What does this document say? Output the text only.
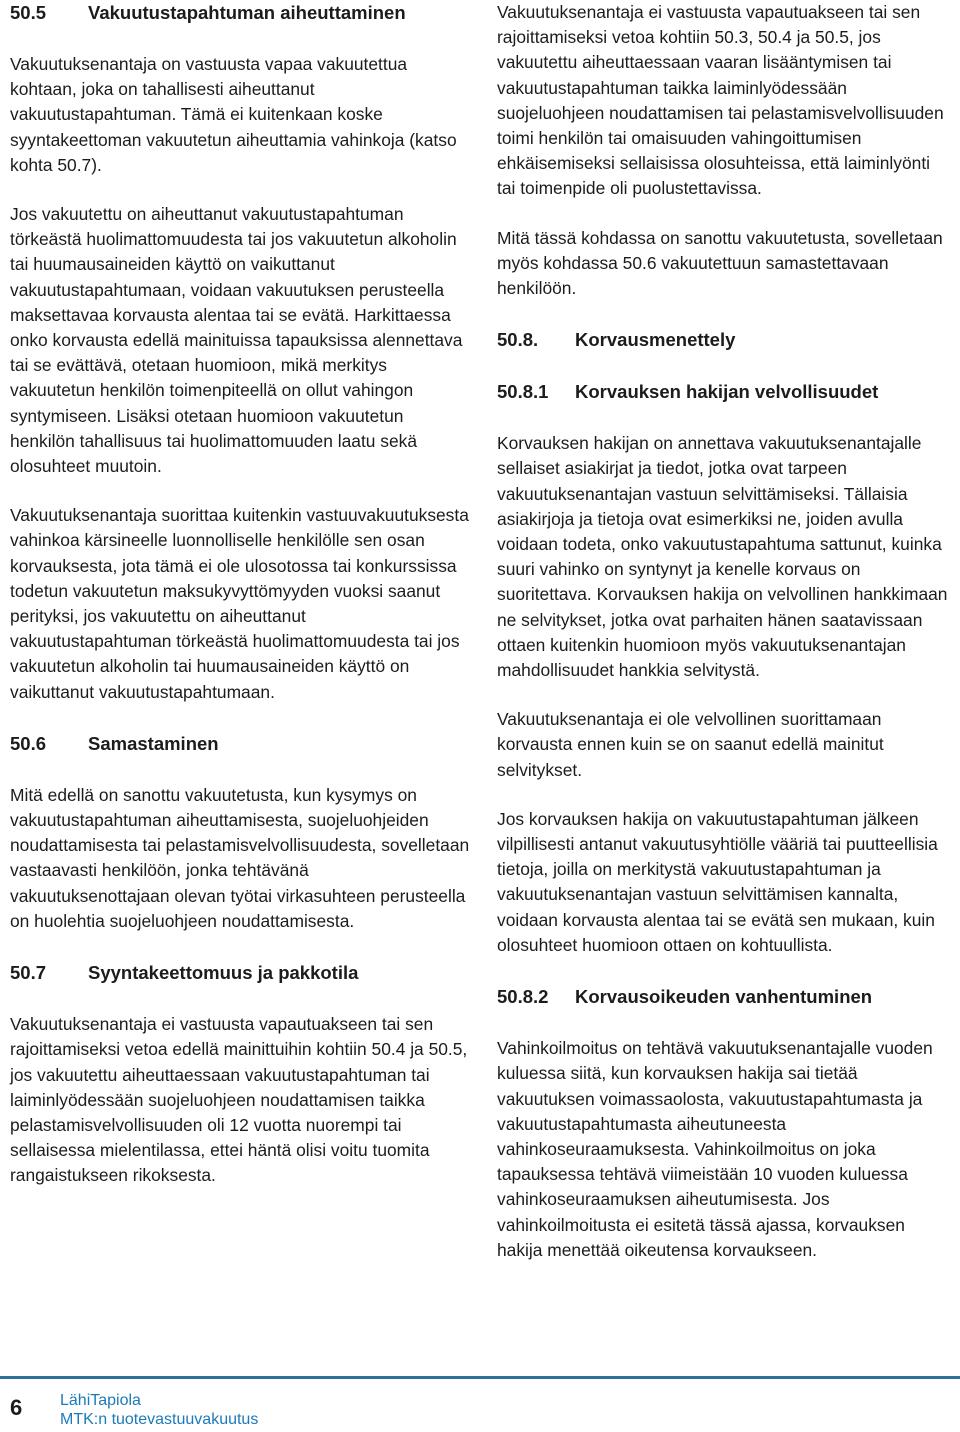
50.5	Vakuutustapahtuman aiheuttaminen

Vakuutuksenantaja on vastuusta vapaa vakuutettua kohtaan, joka on tahallisesti aiheuttanut vakuutustapahtuman. Tämä ei kuitenkaan koske syyntakeettoman vakuutetun aiheuttamia vahinkoja (katso kohta 50.7).

Jos vakuutettu on aiheuttanut vakuutustapahtuman törkeästä huolimattomuudesta tai jos vakuutetun alkoholin tai huumausaineiden käyttö on vaikuttanut vakuutustapahtumaan, voidaan vakuutuksen perusteella maksettavaa korvausta alentaa tai se evätä. Harkittaessa onko korvausta edellä mainituissa tapauksissa alennettava tai se evättävä, otetaan huomioon, mikä merkitys vakuutetun henkilön toimenpiteellä on ollut vahingon syntymiseen. Lisäksi otetaan huomioon vakuutetun henkilön tahallisuus tai huolimattomuuden laatu sekä olosuhteet muutoin.

Vakuutuksenantaja suorittaa kuitenkin vastuuvakuutuksesta vahinkoa kärsineelle luonnolliselle henkilölle sen osan korvauksesta, jota tämä ei ole ulosotossa tai konkurssissa todetun vakuutetun maksukyvyttömyyden vuoksi saanut perityksi, jos vakuutettu on aiheuttanut vakuutustapahtuman törkeästä huolimattomuudesta tai jos vakuutetun alkoholin tai huumausaineiden käyttö on vaikuttanut vakuutustapahtumaan.

50.6	Samastaminen

Mitä edellä on sanottu vakuutetusta, kun kysymys on vakuutustapahtuman aiheuttamisesta, suojeluohjeiden noudattamisesta tai pelastamisvelvollisuudesta, sovelletaan vastaavasti henkilöön, jonka tehtävänä vakuutuksenottajaan olevan työtai virkasuhteen perusteella on huolehtia suojeluohjeen noudattamisesta.

50.7	Syyntakeettomuus ja pakkotila

Vakuutuksenantaja ei vastuusta vapautuakseen tai sen rajoittamiseksi vetoa edellä mainittuihin kohtiin 50.4 ja 50.5, jos vakuutettu aiheuttaessaan vakuutustapahtuman tai laiminlyödessään suojeluohjeen noudattamisen taikka pelastamisvelvollisuuden oli 12 vuotta nuorempi tai sellaisessa mielentilassa, ettei häntä olisi voitu tuomita rangaistukseen rikoksesta.

Vakuutuksenantaja ei vastuusta vapautuakseen tai sen rajoittamiseksi vetoa kohtiin 50.3, 50.4 ja 50.5, jos vakuutettu aiheuttaessaan vaaran lisääntymisen tai vakuutustapahtuman taikka laiminlyödessään suojeluohjeen noudattamisen tai pelastamisvelvollisuuden toimi henkilön tai omaisuuden vahingoittumisen ehkäisemiseksi sellaisissa olosuhteissa, että laiminlyönti tai toimenpide oli puolustettavissa.

Mitä tässä kohdassa on sanottu vakuutetusta, sovelletaan myös kohdassa 50.6 vakuutettuun samastettavaan henkilöön.

50.8.	Korvausmenettely
50.8.1	Korvauksen hakijan velvollisuudet

Korvauksen hakijan on annettava vakuutuksenantajalle sellaiset asiakirjat ja tiedot, jotka ovat tarpeen vakuutuksenantajan vastuun selvittämiseksi. Tällaisia asiakirjoja ja tietoja ovat esimerkiksi ne, joiden avulla voidaan todeta, onko vakuutustapahtuma sattunut, kuinka suuri vahinko on syntynyt ja kenelle korvaus on suoritettava. Korvauksen hakija on velvollinen hankkimaan ne selvitykset, jotka ovat parhaiten hänen saatavissaan ottaen kuitenkin huomioon myös vakuutuksenantajan mahdollisuudet hankkia selvitystä.

Vakuutuksenantaja ei ole velvollinen suorittamaan korvausta ennen kuin se on saanut edellä mainitut selvitykset.

Jos korvauksen hakija on vakuutustapahtuman jälkeen vilpillisesti antanut vakuutusyhtiölle vääriä tai puutteellisia tietoja, joilla on merkitystä vakuutustapahtuman ja vakuutuksenantajan vastuun selvittämisen kannalta, voidaan korvausta alentaa tai se evätä sen mukaan, kuin olosuhteet huomioon ottaen on kohtuullista.

50.8.2	Korvausoikeuden vanhentuminen

Vahinkoilmoitus on tehtävä vakuutuksenantajalle vuoden kuluessa siitä, kun korvauksen hakija sai tietää vakuutuksen voimassaolosta, vakuutustapahtumasta ja vakuutustapahtumasta aiheutuneesta vahinkoseuraamuksesta. Vahinkoilmoitus on joka tapauksessa tehtävä viimeistään 10 vuoden kuluessa vahinkoseuraamuksen aiheutumisesta. Jos vahinkoilmoitusta ei esitetä tässä ajassa, korvauksen hakija menettää oikeutensa korvaukseen.

6 LähiTapiola
MTK:n tuotevastuuvakuutus
